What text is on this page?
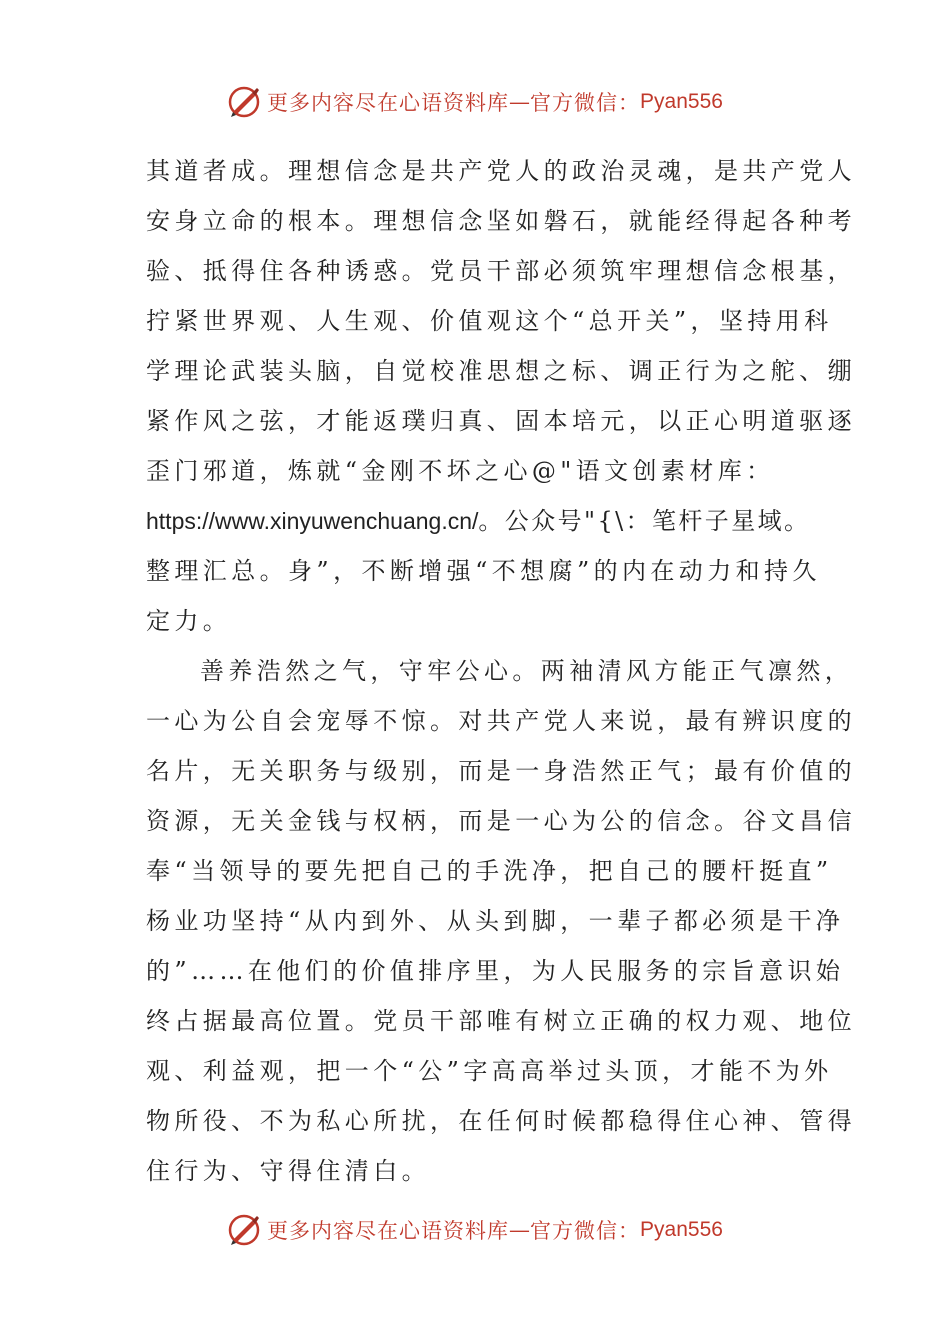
更多内容尽在心语资料库 — 官方微信： Pyan556
其道者成。理想信念是共产党人的政治灵魂，是共产党人
安身立命的根本。理想信念坚如磐石，就能经得起各种考
验、抵得住各种诱惑。党员干部必须筑牢理想信念根基，
拧紧世界观、人生观、价值观这个“总开关”，坚持用科
学理论武装头脑，自觉校准思想之标、调正行为之舵、绷
紧作风之弦，才能返璞归真、固本培元，以正心明道驱逐
歪门邪道，炼就“金刚不坏之心@"语文创素材库：
https://www.xinyuwenchuang.cn/。公众号"{\：笔杆子星域。
整理汇总。身”，不断增强“不想腐”的内在动力和持久
定力。
善养浩然之气，守牢公心。两袖清风方能正气凛然，
一心为公自会宠辱不惊。对共产党人来说，最有辨识度的
名片，无关职务与级别，而是一身浩然正气；最有价值的
资源，无关金钱与权柄，而是一心为公的信念。谷文昌信
奉“当领导的要先把自己的手洗净，把自己的腰杆挺直”
杨业功坚持“从内到外、从头到脚，一辈子都必须是干净
的”……在他们的价值排序里，为人民服务的宗旨意识始
终占据最高位置。党员干部唯有树立正确的权力观、地位
观、利益观，把一个“公”字高高举过头顶，才能不为外
物所役、不为私心所扰，在任何时候都稳得住心神、管得
住行为、守得住清白。
更多内容尽在心语资料库 — 官方微信： Pyan556
